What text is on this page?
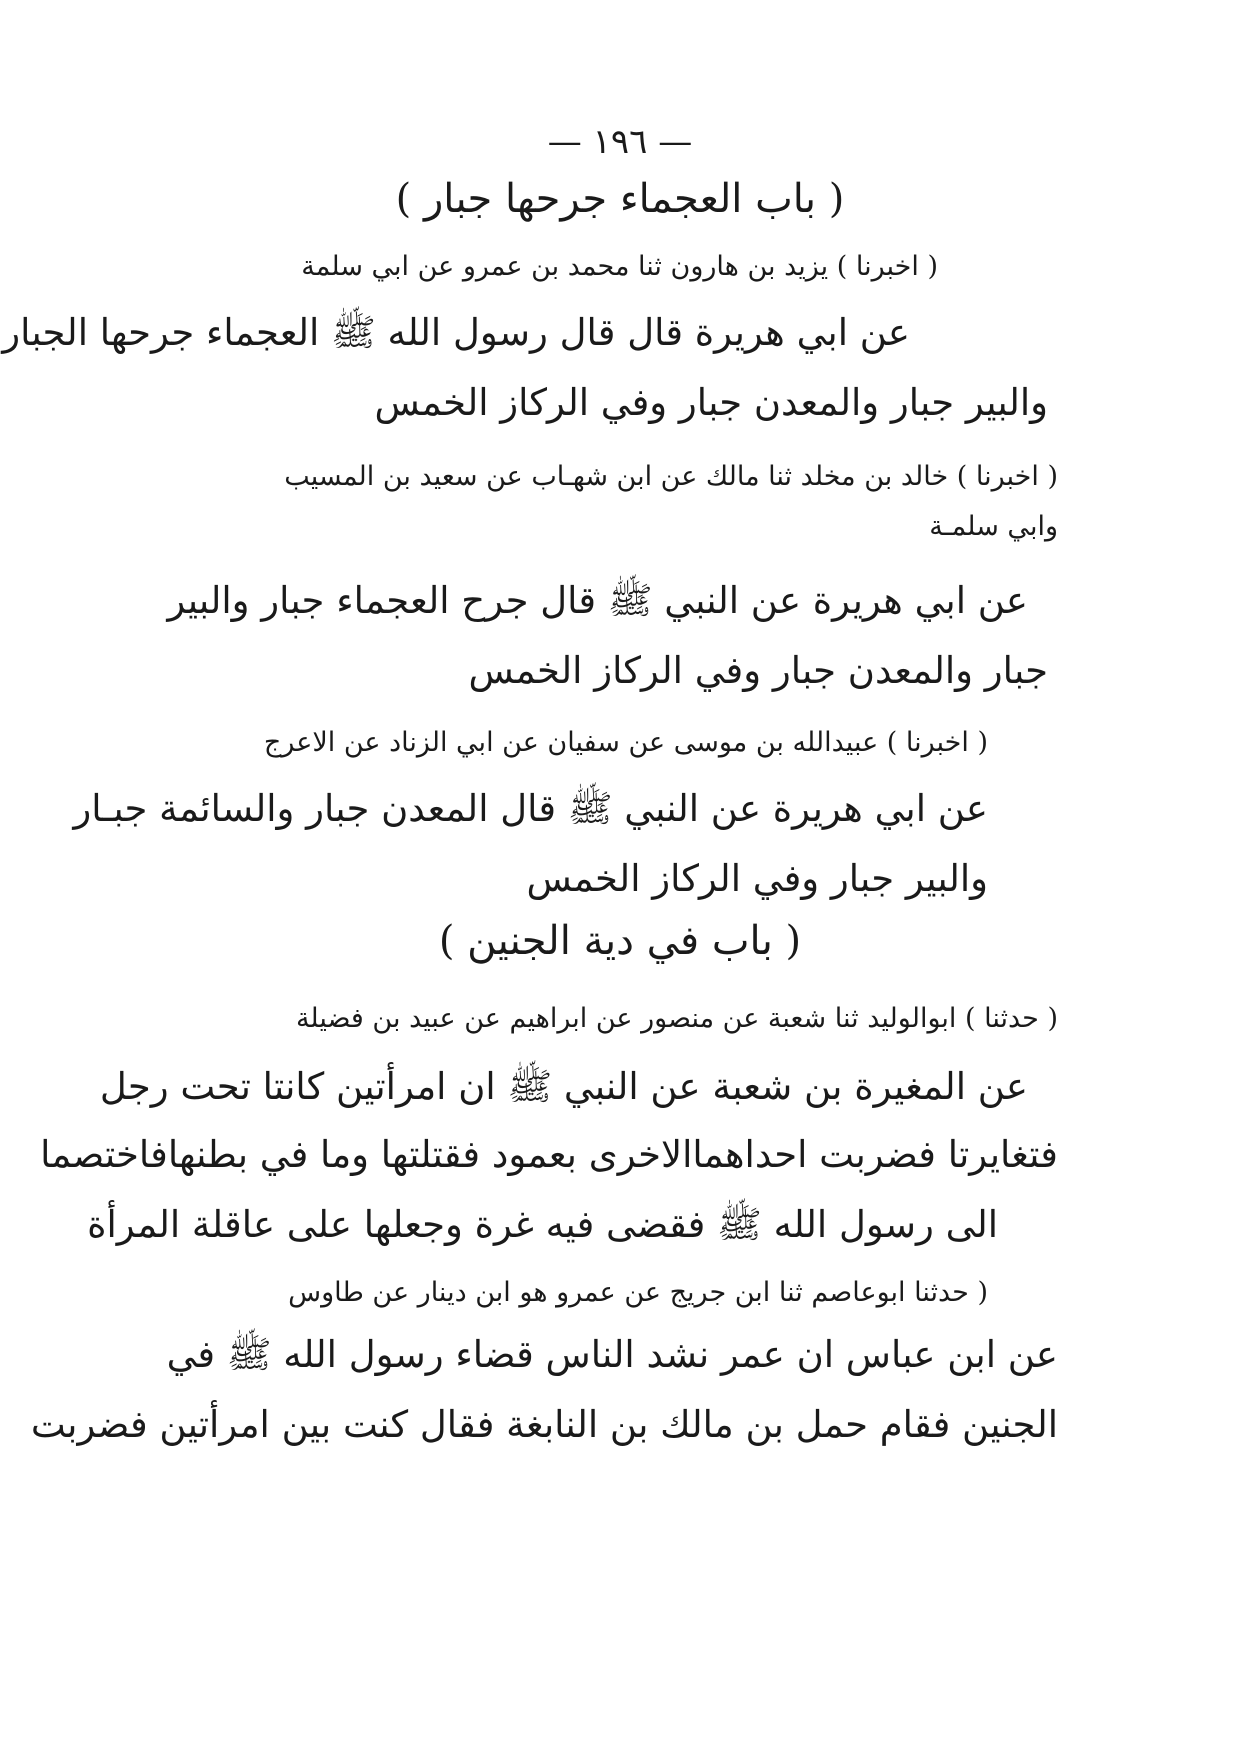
— ١٩٦ —
( باب العجماء جرحها جبار )
( اخبرنا ) يزيد بن هارون ثنا محمد بن عمرو عن ابي سلمة
عن ابي هريرة قال قال رسول الله ﷺ العجماء جرحها الجبار
والبير جبار والمعدن جبار وفي الركاز الخمس
( اخبرنا ) خالد بن مخلد ثنا مالك عن ابن شهـاب عن سعيد بن المسيب
وابي سلمـة
عن ابي هريرة عن النبي ﷺ قال جرح العجماء جبار والبير
جبار والمعدن جبار وفي الركاز الخمس
( اخبرنا ) عبيدالله بن موسى عن سفيان عن ابي الزناد عن الاعرج
عن ابي هريرة عن النبي ﷺ قال المعدن جبار والسائمة جبـار
والبير جبار وفي الركاز الخمس
( باب في دية الجنين )
( حدثنا ) ابوالوليد ثنا شعبة عن منصور عن ابراهيم عن عبيد بن فضيلة
عن المغيرة بن شعبة عن النبي ﷺ ان امرأتين كانتا تحت رجل
فتغايرتا فضربت احداهماالاخرى بعمود فقتلتها وما في بطنهافاختصما
الى رسول الله ﷺ فقضى فيه غرة وجعلها على عاقلة المرأة
( حدثنا ابوعاصم ثنا ابن جريج عن عمرو هو ابن دينار عن طاوس
عن ابن عباس ان عمر نشد الناس قضاء رسول الله ﷺ في
الجنين فقام حمل بن مالك بن النابغة فقال كنت بين امرأتين فضربت
